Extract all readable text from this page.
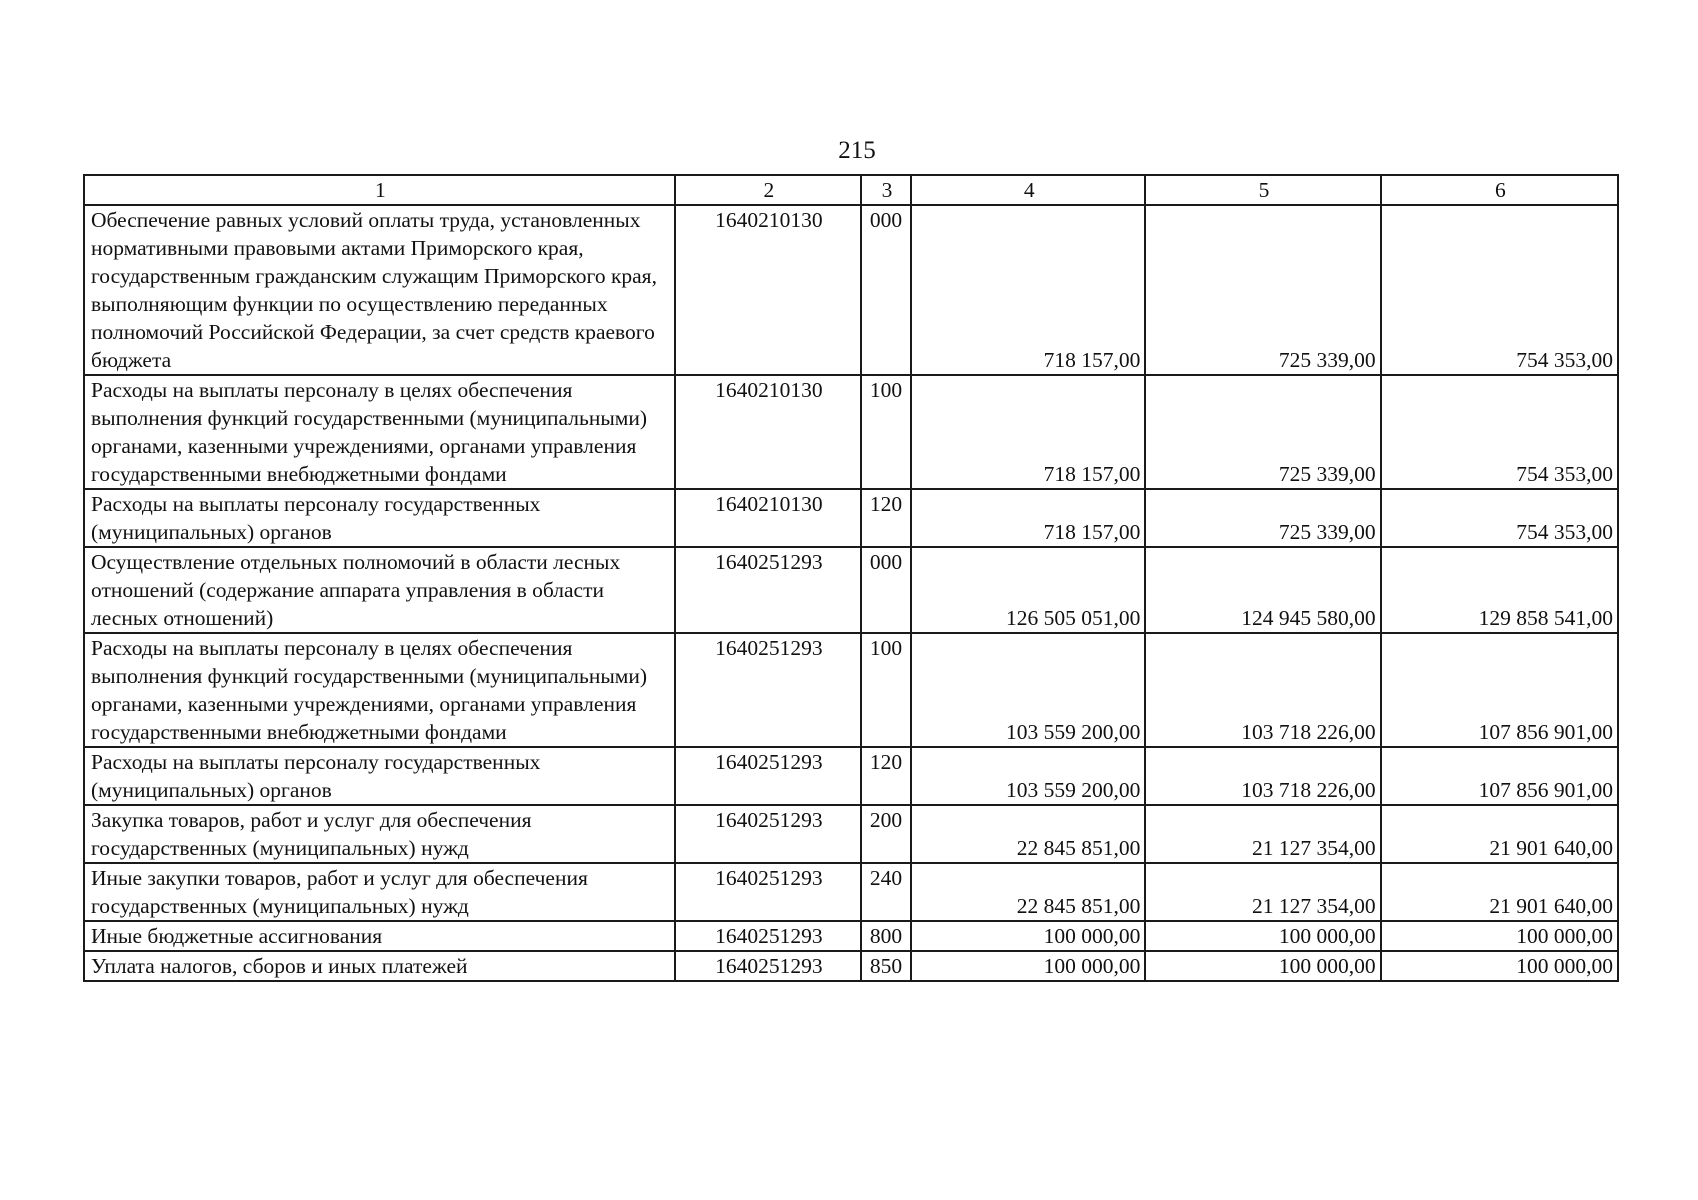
215
1	2	3	4	5	6
Обеспечение равных условий оплаты труда, установленных нормативными правовыми актами Приморского края, государственным гражданским служащим Приморского края, выполняющим функции по осуществлению переданных полномочий Российской Федерации, за счет средств краевого бюджета	1640210130	000	718 157,00	725 339,00	754 353,00
Расходы на выплаты персоналу в целях обеспечения выполнения функций государственными (муниципальными) органами, казенными учреждениями, органами управления государственными внебюджетными фондами	1640210130	100	718 157,00	725 339,00	754 353,00
Расходы на выплаты персоналу государственных (муниципальных) органов	1640210130	120	718 157,00	725 339,00	754 353,00
Осуществление отдельных полномочий в области лесных отношений (содержание аппарата управления в области лесных отношений)	1640251293	000	126 505 051,00	124 945 580,00	129 858 541,00
Расходы на выплаты персоналу в целях обеспечения выполнения функций государственными (муниципальными) органами, казенными учреждениями, органами управления государственными внебюджетными фондами	1640251293	100	103 559 200,00	103 718 226,00	107 856 901,00
Расходы на выплаты персоналу государственных (муниципальных) органов	1640251293	120	103 559 200,00	103 718 226,00	107 856 901,00
Закупка товаров, работ и услуг для обеспечения государственных (муниципальных) нужд	1640251293	200	22 845 851,00	21 127 354,00	21 901 640,00
Иные закупки товаров, работ и услуг для обеспечения государственных (муниципальных) нужд	1640251293	240	22 845 851,00	21 127 354,00	21 901 640,00
Иные бюджетные ассигнования	1640251293	800	100 000,00	100 000,00	100 000,00
Уплата налогов, сборов и иных платежей	1640251293	850	100 000,00	100 000,00	100 000,00
